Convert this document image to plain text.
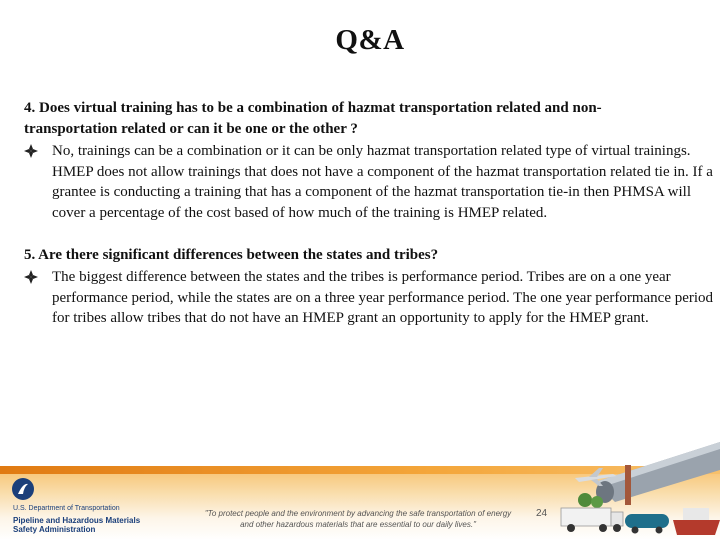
Q&A
4. Does virtual training has to be a combination of hazmat transportation related and non-
transportation related or can it be one or the other ?
No, trainings can be a combination or it can be only hazmat transportation related type of virtual trainings. HMEP does not allow trainings that does not have a component of the hazmat transportation related tie in. If a grantee is conducting a training that has a component of the hazmat transportation tie-in then PHMSA will cover a percentage of the cost based of how much of the training is HMEP related.
5. Are there significant differences between the states and tribes?
The biggest difference between the states and the tribes is performance period. Tribes are on a one year performance period, while the states are on a three year performance period. The one year performance period for tribes allow tribes that do not have an HMEP grant an opportunity to apply for the HMEP grant.
U.S. Department of Transportation
Pipeline and Hazardous Materials
Safety Administration
"To protect people and the environment by advancing the safe transportation of energy
and other hazardous materials that are essential to our daily lives."
24
